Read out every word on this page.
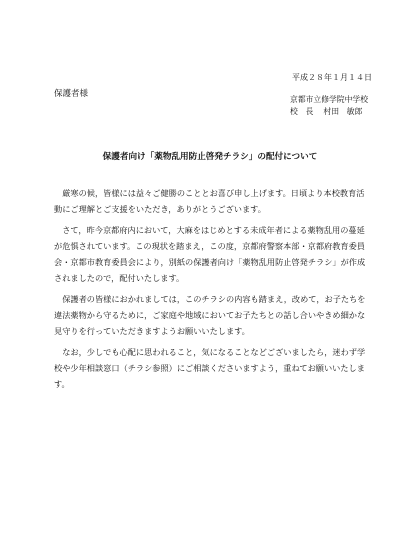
平成２８年１月１４日
保護者様
京都市立修学院中学校
校　長 村田　敏郎
保護者向け「薬物乱用防止啓発チラシ」の配付について

厳寒の候，皆様には益々ご健勝のこととお喜び申し上げます。日頃より本校教育活動にご理解とご支援をいただき，ありがとうございます。

さて，昨今京都府内において，大麻をはじめとする未成年者による薬物乱用の蔓延が危惧されています。この現状を踏まえ，この度，京都府警察本部・京都府教育委員会・京都市教育委員会により，別紙の保護者向け「薬物乱用防止啓発チラシ」が作成されましたので，配付いたします。

保護者の皆様におかれましては，このチラシの内容も踏まえ，改めて，お子たちを違法薬物から守るために，ご家庭や地域においてお子たちとの話し合いやきめ細かな見守りを行っていただきますようお願いいたします。

なお，少しでも心配に思われること，気になることなどございましたら，迷わず学校や少年相談窓口（チラシ参照）にご相談くださいますよう，重ねてお願いいたします。
